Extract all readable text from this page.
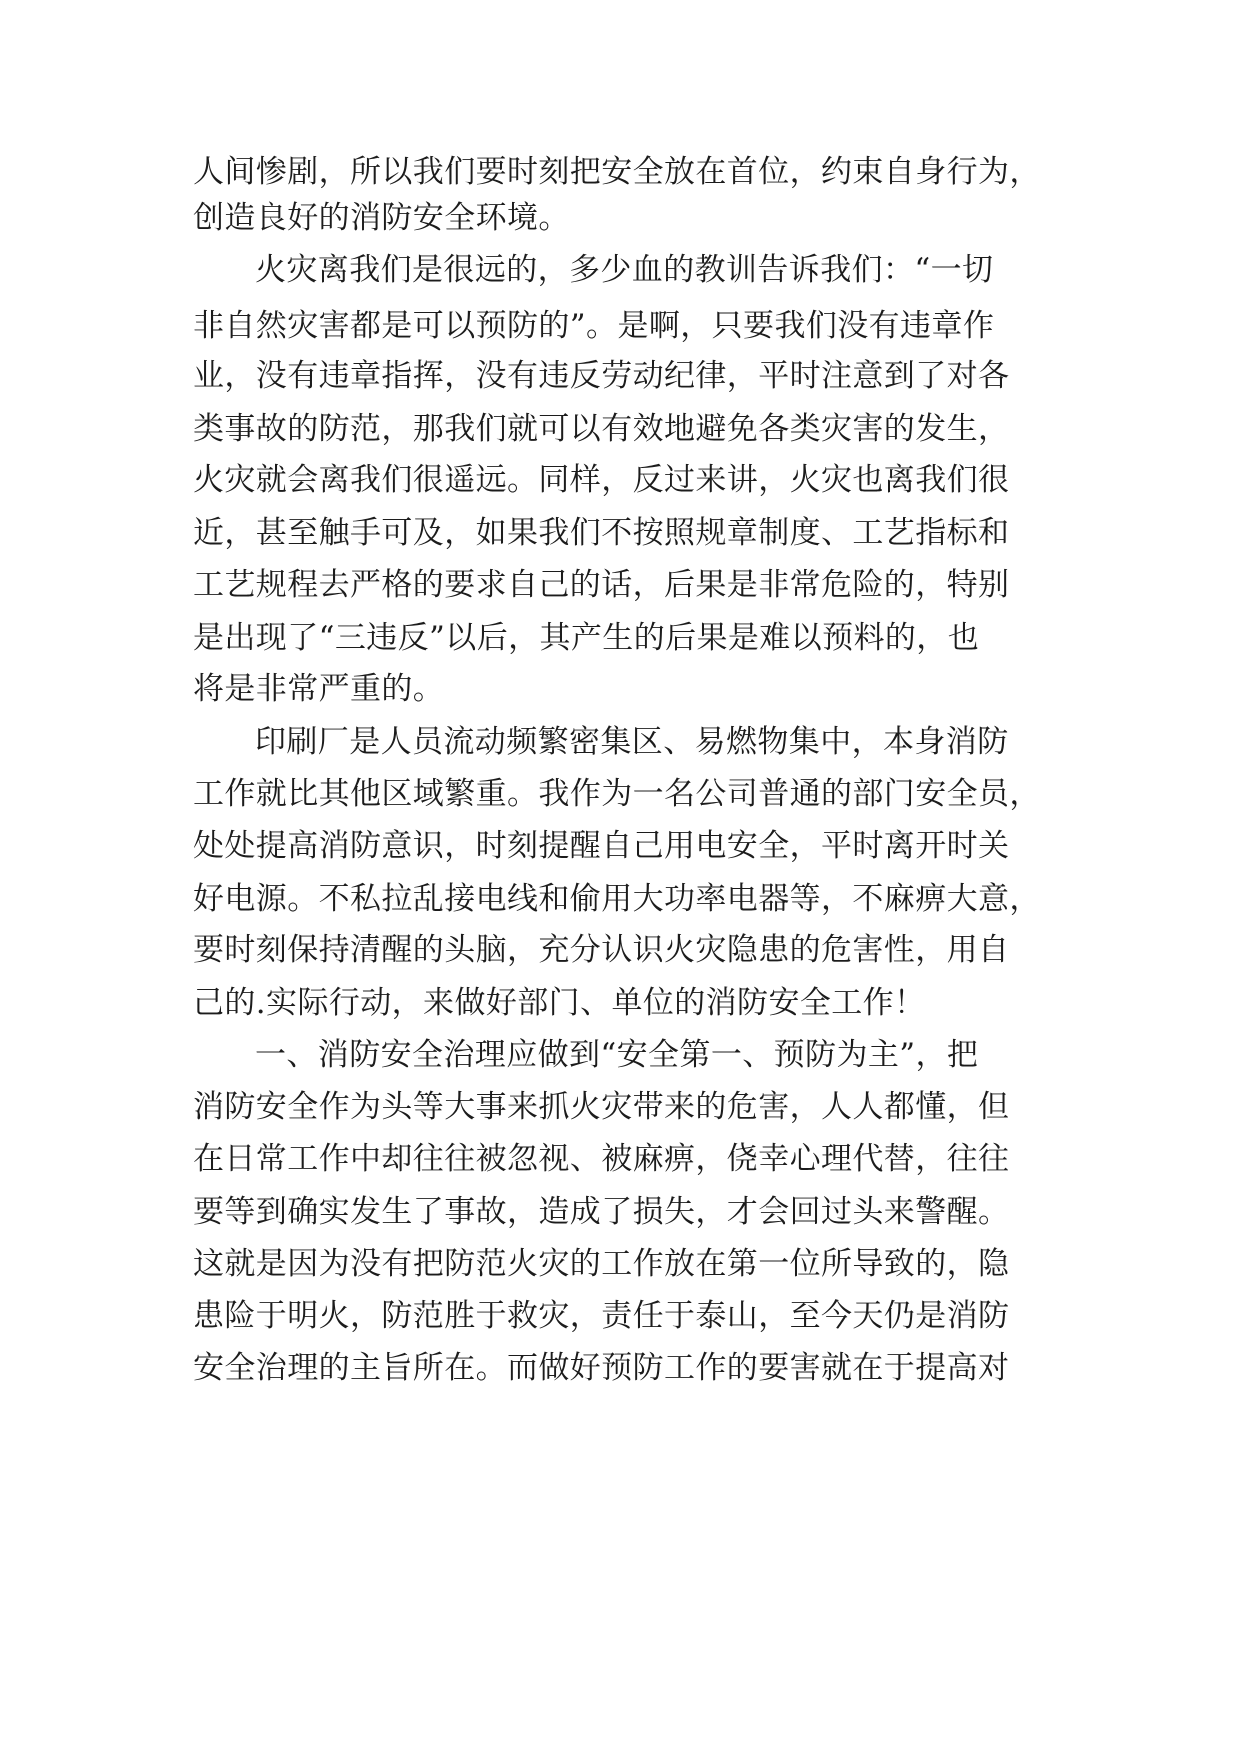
人间惨剧，所以我们要时刻把安全放在首位，约束自身行为，
创造良好的消防安全环境。
火灾离我们是很远的，多少血的教训告诉我们：“一切
非自然灾害都是可以预防的”。是啊，只要我们没有违章作
业，没有违章指挥，没有违反劳动纪律，平时注意到了对各
类事故的防范，那我们就可以有效地避免各类灾害的发生，
火灾就会离我们很遥远。同样，反过来讲，火灾也离我们很
近，甚至触手可及，如果我们不按照规章制度、工艺指标和
工艺规程去严格的要求自己的话，后果是非常危险的，特别
是出现了“三违反”以后，其产生的后果是难以预料的，也
将是非常严重的。
印刷厂是人员流动频繁密集区、易燃物集中，本身消防
工作就比其他区域繁重。我作为一名公司普通的部门安全员，
处处提高消防意识，时刻提醒自己用电安全，平时离开时关
好电源。不私拉乱接电线和偷用大功率电器等，不麻痹大意，
要时刻保持清醒的头脑，充分认识火灾隐患的危害性，用自
己的.实际行动，来做好部门、单位的消防安全工作！
一、消防安全治理应做到“安全第一、预防为主”，把
消防安全作为头等大事来抓火灾带来的危害，人人都懂，但
在日常工作中却往往被忽视、被麻痹，侥幸心理代替，往往
要等到确实发生了事故，造成了损失，才会回过头来警醒。
这就是因为没有把防范火灾的工作放在第一位所导致的，隐
患险于明火，防范胜于救灾，责任于泰山，至今天仍是消防
安全治理的主旨所在。而做好预防工作的要害就在于提高对
